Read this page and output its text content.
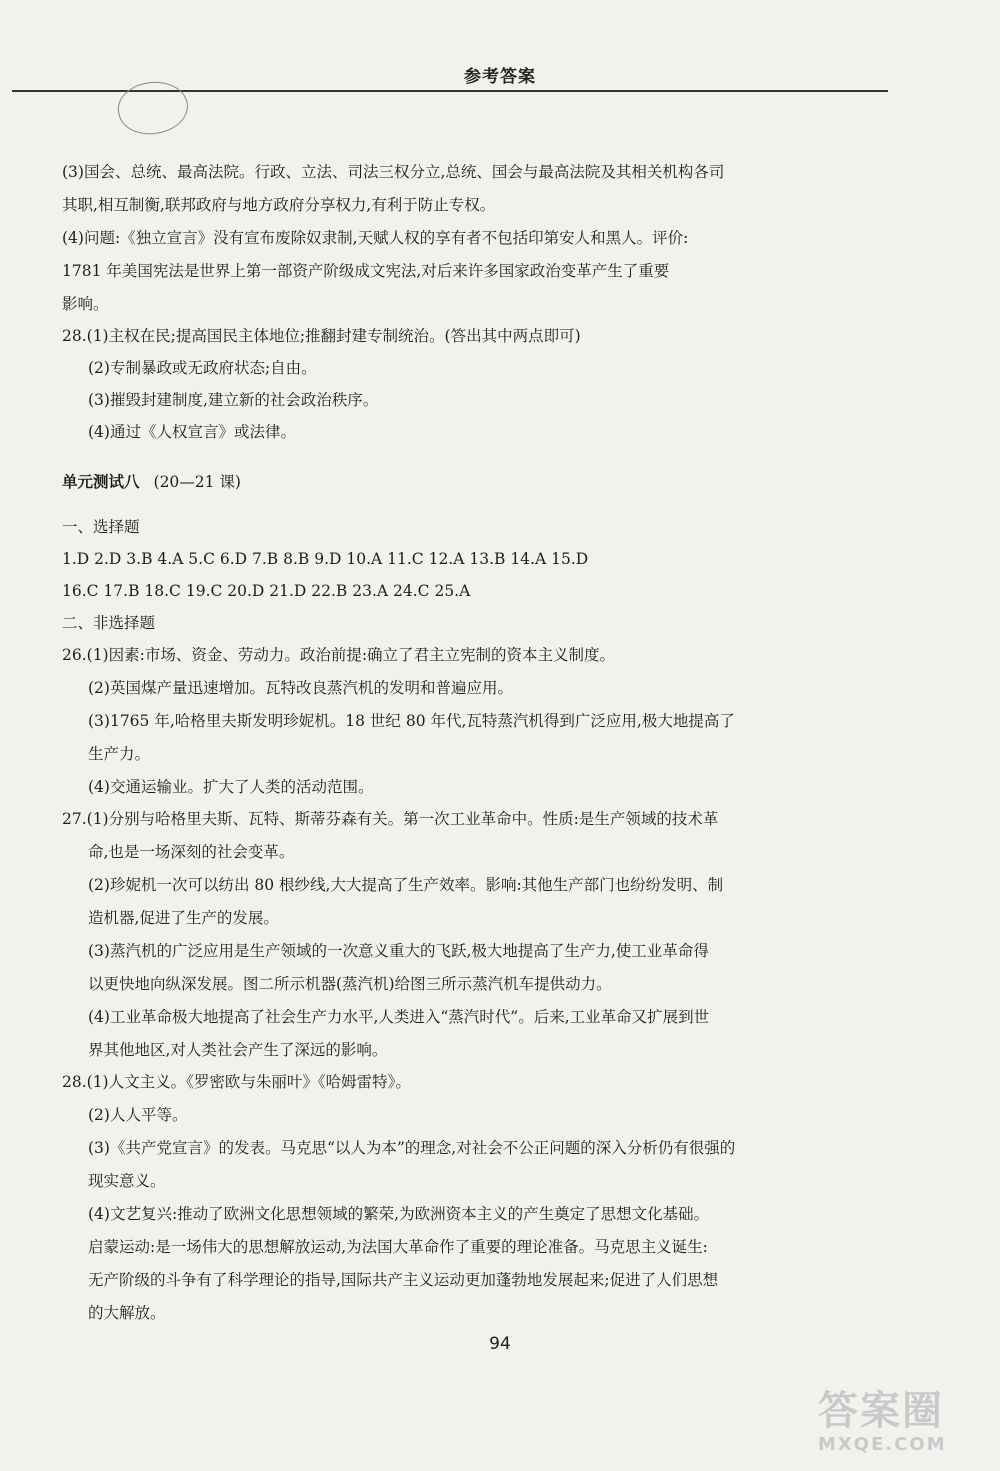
参考答案
(3)国会、总统、最高法院。行政、立法、司法三权分立,总统、国会与最高法院及其相关机构各司
其职,相互制衡,联邦政府与地方政府分享权力,有利于防止专权。
(4)问题:《独立宣言》没有宣布废除奴隶制,天赋人权的享有者不包括印第安人和黑人。评价:
1781 年美国宪法是世界上第一部资产阶级成文宪法,对后来许多国家政治变革产生了重要
影响。
28.(1)主权在民;提高国民主体地位;推翻封建专制统治。(答出其中两点即可)
(2)专制暴政或无政府状态;自由。
(3)摧毁封建制度,建立新的社会政治秩序。
(4)通过《人权宣言》或法律。
单元测试八 (20—21 课)
一、选择题
1.D 2.D 3.B 4.A 5.C 6.D 7.B 8.B 9.D 10.A 11.C 12.A 13.B 14.A 15.D
16.C 17.B 18.C 19.C 20.D 21.D 22.B 23.A 24.C 25.A
二、非选择题
26.(1)因素:市场、资金、劳动力。政治前提:确立了君主立宪制的资本主义制度。
(2)英国煤产量迅速增加。瓦特改良蒸汽机的发明和普遍应用。
(3)1765 年,哈格里夫斯发明珍妮机。18 世纪 80 年代,瓦特蒸汽机得到广泛应用,极大地提高了
生产力。
(4)交通运输业。扩大了人类的活动范围。
27.(1)分别与哈格里夫斯、瓦特、斯蒂芬森有关。第一次工业革命中。性质:是生产领域的技术革
命,也是一场深刻的社会变革。
(2)珍妮机一次可以纺出 80 根纱线,大大提高了生产效率。影响:其他生产部门也纷纷发明、制
造机器,促进了生产的发展。
(3)蒸汽机的广泛应用是生产领域的一次意义重大的飞跃,极大地提高了生产力,使工业革命得
以更快地向纵深发展。图二所示机器(蒸汽机)给图三所示蒸汽机车提供动力。
(4)工业革命极大地提高了社会生产力水平,人类进入“蒸汽时代”。后来,工业革命又扩展到世
界其他地区,对人类社会产生了深远的影响。
28.(1)人文主义。《罗密欧与朱丽叶》《哈姆雷特》。
(2)人人平等。
(3)《共产党宣言》的发表。马克思“以人为本”的理念,对社会不公正问题的深入分析仍有很强的
现实意义。
(4)文艺复兴:推动了欧洲文化思想领域的繁荣,为欧洲资本主义的产生奠定了思想文化基础。
启蒙运动:是一场伟大的思想解放运动,为法国大革命作了重要的理论准备。马克思主义诞生:
无产阶级的斗争有了科学理论的指导,国际共产主义运动更加蓬勃地发展起来;促进了人们思想
的大解放。
94
答案圈
MXQE.COM
